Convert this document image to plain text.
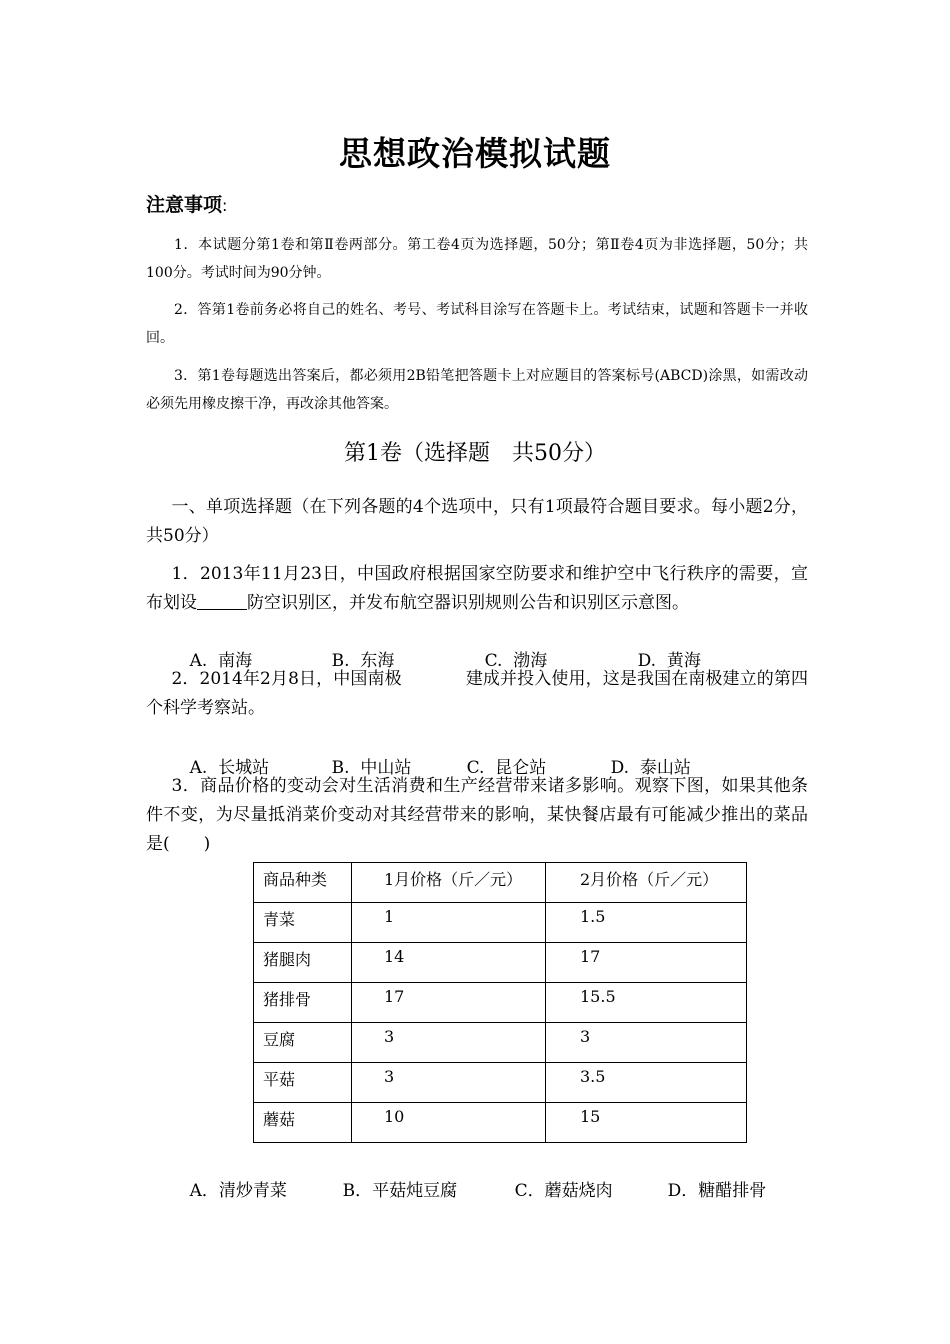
思想政治模拟试题
注意事项:
1．本试题分第1卷和第Ⅱ卷两部分。第工卷4页为选择题，50分；第Ⅱ卷4页为非选择题，50分；共100分。考试时间为90分钟。
2．答第1卷前务必将自己的姓名、考号、考试科目涂写在答题卡上。考试结束，试题和答题卡一并收回。
3．第1卷每题选出答案后，都必须用2B铅笔把答题卡上对应题目的答案标号(ABCD)涂黑，如需改动必须先用橡皮擦干净，再改涂其他答案。
第1卷（选择题　共50分）
一、单项选择题（在下列各题的4个选项中，只有1项最符合题目要求。每小题2分，共50分）
1．2013年11月23日，中国政府根据国家空防要求和维护空中飞行秩序的需要，宣布划设	防空识别区，并发布航空器识别规则公告和识别区示意图。

A.  南海	B.  东海	C.  渤海	D.  黄海

2．2014年2月8日，中国南极	建成并投入使用，这是我国在南极建立的第四个科学考察站。

A.  长城站	B.  中山站	C.  昆仑站	D.  泰山站

3．商品价格的变动会对生活消费和生产经营带来诸多影响。观察下图，如果其他条件不变，为尽量抵消菜价变动对其经营带来的影响，某快餐店最有可能减少推出的菜品是(　　)
商品种类	1月价格（斤／元）	2月价格（斤／元）
青菜	1	1.5
猪腿肉	14	17
猪排骨	17	15.5
豆腐	3	3
平菇	3	3.5
蘑菇	10	15

A．清炒青菜	B．平菇炖豆腐	C．蘑菇烧肉	D．糖醋排骨
